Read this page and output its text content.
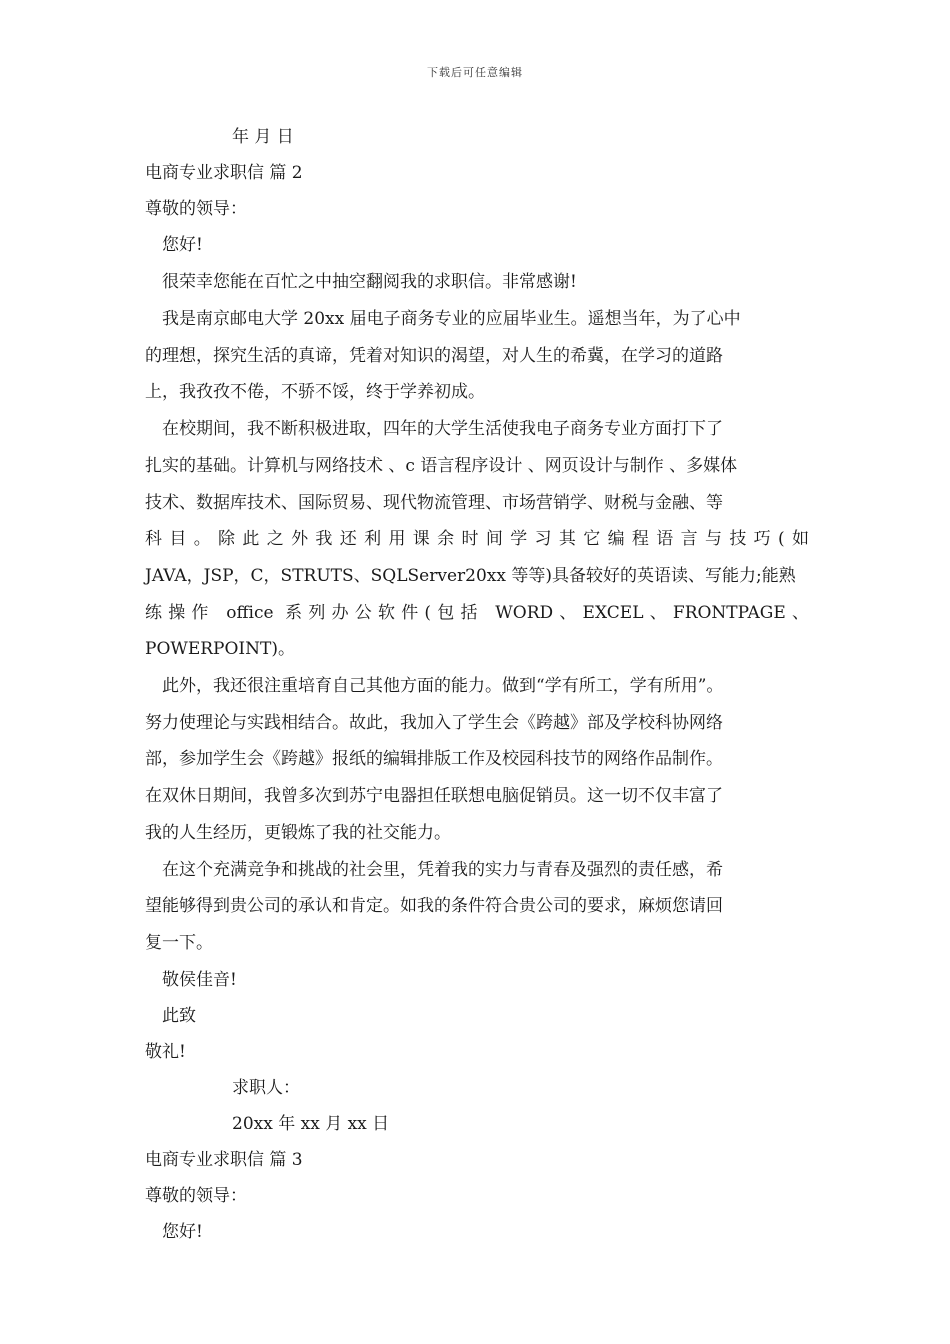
下载后可任意编辑
年 月 日
电商专业求职信 篇 2
尊敬的领导：
您好!
很荣幸您能在百忙之中抽空翻阅我的求职信。非常感谢!
我是南京邮电大学 20xx 届电子商务专业的应届毕业生。遥想当年，为了心中
的理想，探究生活的真谛，凭着对知识的渴望，对人生的希冀，在学习的道路
上，我孜孜不倦，不骄不馁，终于学养初成。
在校期间，我不断积极进取，四年的大学生活使我电子商务专业方面打下了
扎实的基础。计算机与网络技术 、c 语言程序设计 、网页设计与制作 、多媒体
技术、数据库技术、国际贸易、现代物流管理、市场营销学、财税与金融、等
科目。除此之外我还利用课余时间学习其它编程语言与技巧(如
JAVA，JSP，C，STRUTS、SQLServer20xx 等等)具备较好的英语读、写能力;能熟
练操作 office 系列办公软件(包括 WORD、EXCEL、FRONTPAGE、POWERPOINT)。
此外，我还很注重培育自己其他方面的能力。做到“学有所工，学有所用”。
努力使理论与实践相结合。故此，我加入了学生会《跨越》部及学校科协网络
部，参加学生会《跨越》报纸的编辑排版工作及校园科技节的网络作品制作。
在双休日期间，我曾多次到苏宁电器担任联想电脑促销员。这一切不仅丰富了
我的人生经历，更锻炼了我的社交能力。
在这个充满竞争和挑战的社会里，凭着我的实力与青春及强烈的责任感，希
望能够得到贵公司的承认和肯定。如我的条件符合贵公司的要求，麻烦您请回
复一下。
敬侯佳音!
此致
敬礼!
求职人：
20xx 年 xx 月 xx 日
电商专业求职信 篇 3
尊敬的领导：
您好!
